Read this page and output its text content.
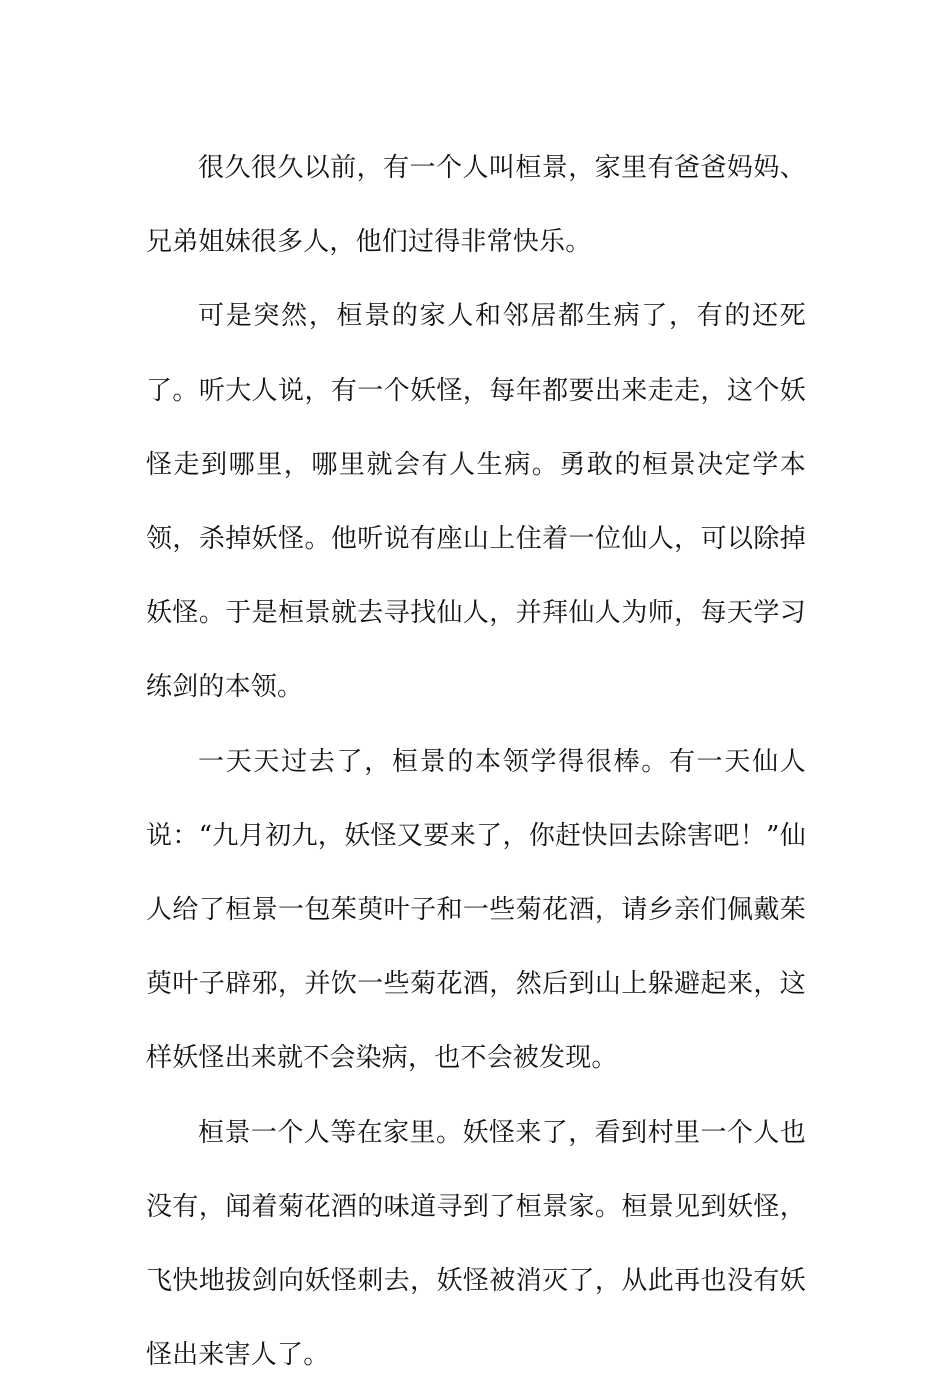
很久很久以前，有一个人叫桓景，家里有爸爸妈妈、兄弟姐妹很多人，他们过得非常快乐。

可是突然，桓景的家人和邻居都生病了，有的还死了。听大人说，有一个妖怪，每年都要出来走走，这个妖怪走到哪里，哪里就会有人生病。勇敢的桓景决定学本领，杀掉妖怪。他听说有座山上住着一位仙人，可以除掉妖怪。于是桓景就去寻找仙人，并拜仙人为师，每天学习练剑的本领。

一天天过去了，桓景的本领学得很棒。有一天仙人说：“九月初九，妖怪又要来了，你赶快回去除害吧！”仙人给了桓景一包茱萸叶子和一些菊花酒，请乡亲们佩戴茱萸叶子辟邪，并饮一些菊花酒，然后到山上躲避起来，这样妖怪出来就不会染病，也不会被发现。

桓景一个人等在家里。妖怪来了，看到村里一个人也没有，闻着菊花酒的味道寻到了桓景家。桓景见到妖怪，飞快地拔剑向妖怪刺去，妖怪被消灭了，从此再也没有妖怪出来害人了。
